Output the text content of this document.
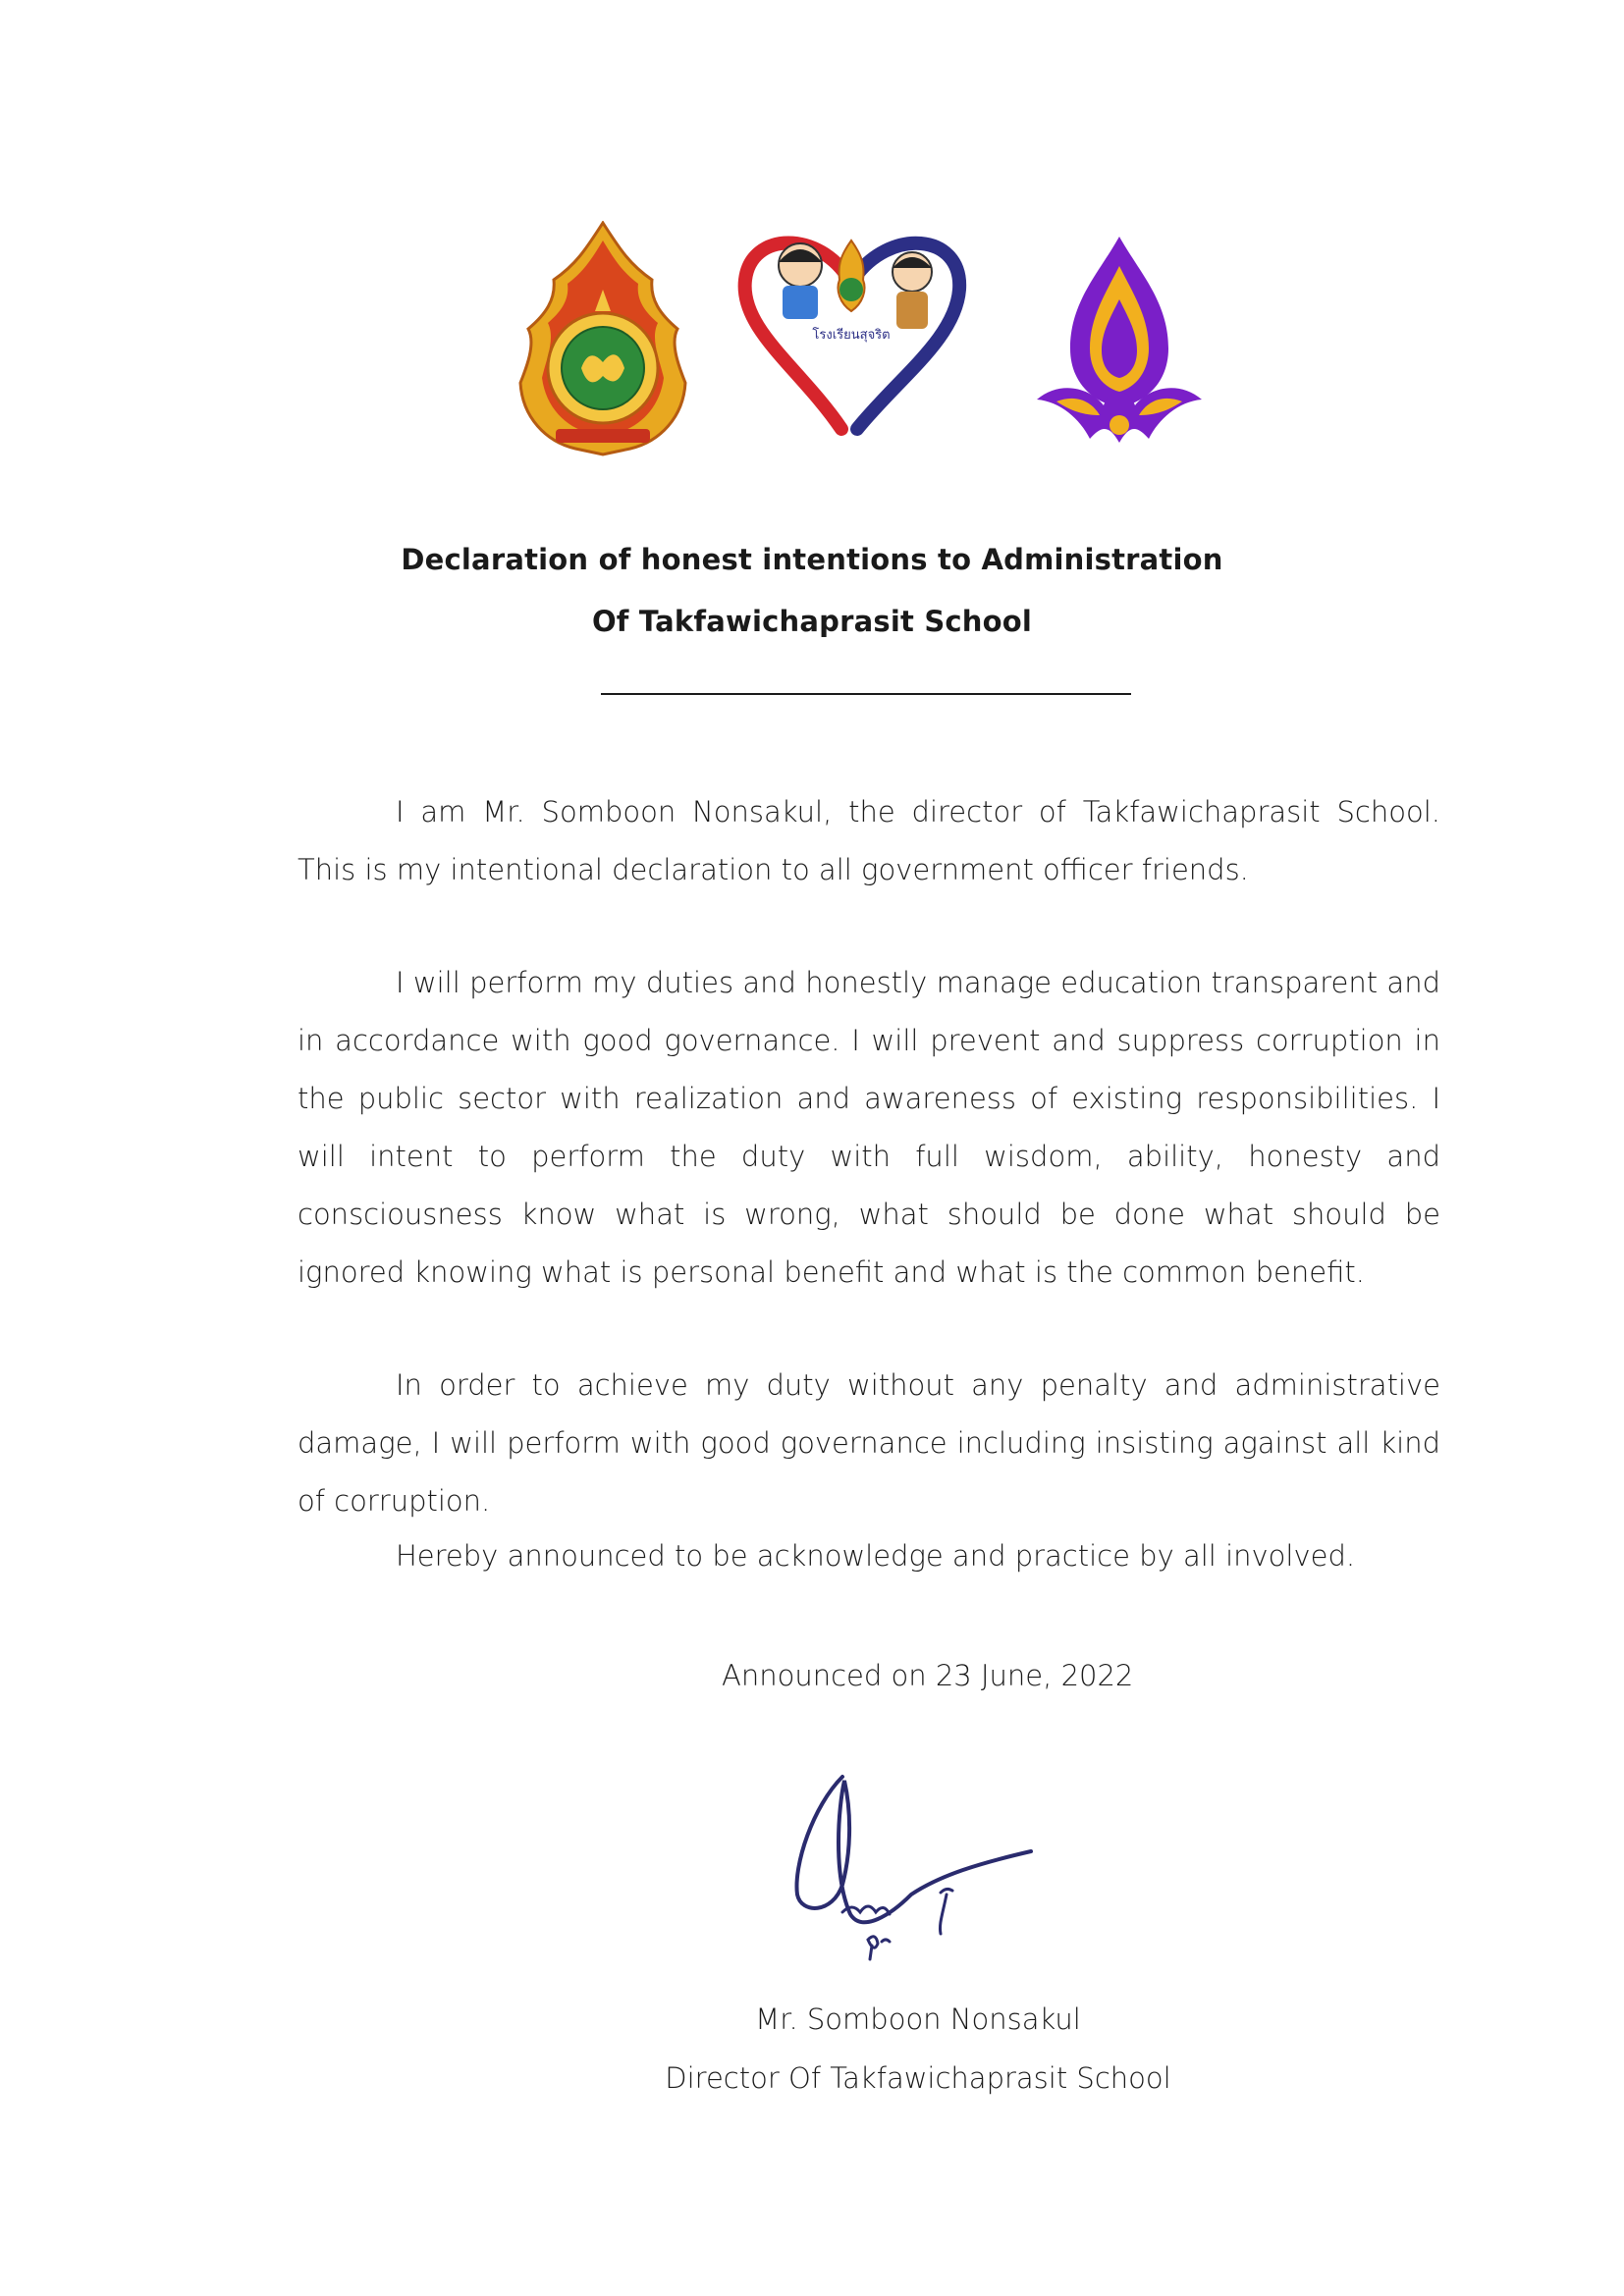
โรงเรียนสุจริต
Declaration of honest intentions to Administration
Of Takfawichaprasit School

I am Mr. Somboon Nonsakul, the director of Takfawichaprasit School. This is my intentional declaration to all government officer friends.

I will perform my duties and honestly manage education transparent and in accordance with good governance. I will prevent and suppress corruption in the public sector with realization and awareness of existing responsibilities. I will intent to perform the duty with full wisdom, ability, honesty and consciousness know what is wrong, what should be done what should be ignored knowing what is personal benefit and what is the common benefit.

In order to achieve my duty without any penalty and administrative damage, I will perform with good governance including insisting against all kind of corruption.

Hereby announced to be acknowledge and practice by all involved.

Announced on 23 June, 2022
Mr. Somboon Nonsakul
Director Of Takfawichaprasit School
